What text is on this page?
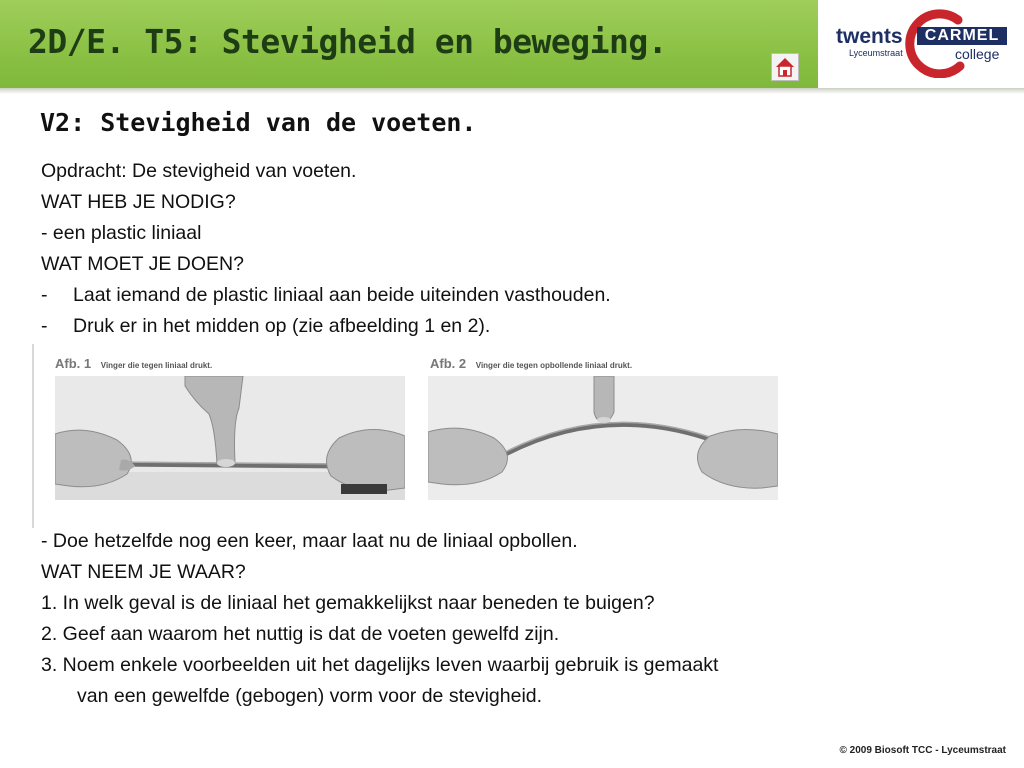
2D/E. T5: Stevigheid en beweging.	twents
Lyceumstraat
CARMEL
college
V2: Stevigheid van de voeten.
Opdracht: De stevigheid van voeten.
WAT HEB JE NODIG?
- een plastic liniaal
WAT MOET JE DOEN?
- Laat iemand de plastic liniaal aan beide uiteinden vasthouden.
- Druk er in het midden op (zie afbeelding 1 en 2).
Afb. 1 Vinger die tegen liniaal drukt.	Afb. 2 Vinger die tegen opbollende liniaal drukt.
- Doe hetzelfde nog een keer, maar laat nu de liniaal opbollen.
WAT NEEM JE WAAR?
1. In welk geval is de liniaal het gemakkelijkst naar beneden te buigen?
2. Geef aan waarom het nuttig is dat de voeten gewelfd zijn.
3. Noem enkele voorbeelden uit het dagelijks leven waarbij gebruik is gemaakt
van een gewelfde (gebogen) vorm voor de stevigheid.
© 2009 Biosoft TCC - Lyceumstraat
